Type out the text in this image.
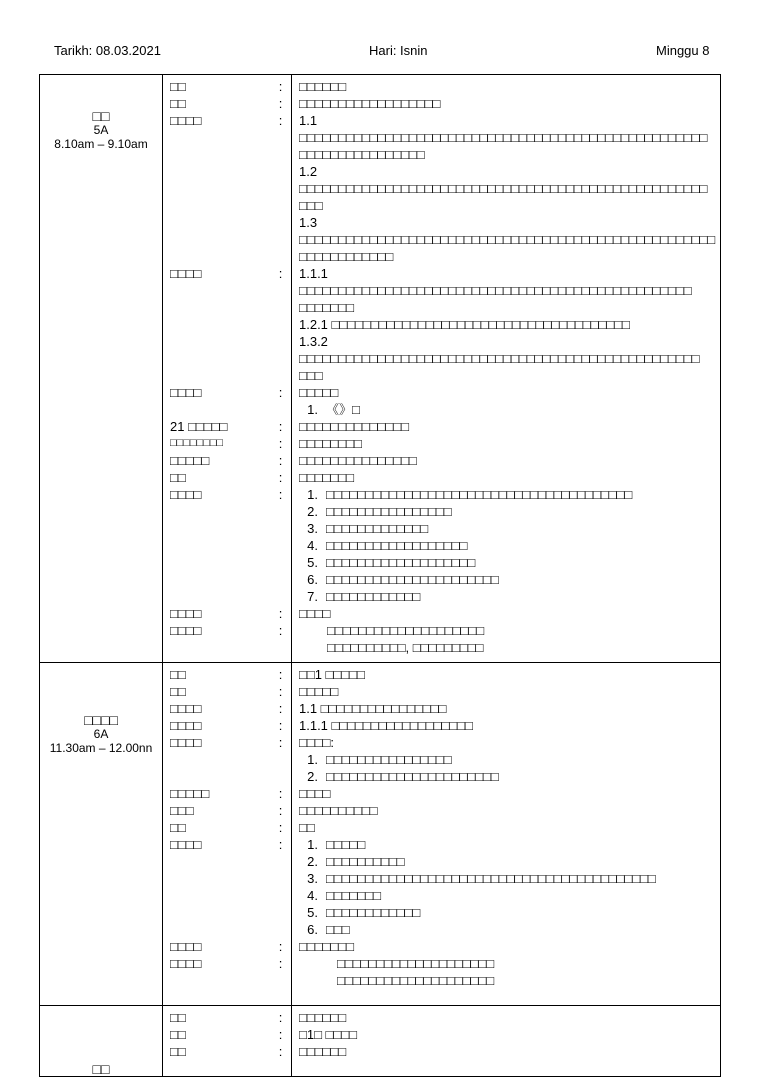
Tarikh: 08.03.2021	Hari: Isnin	Minggu 8
□□
5A
8.10am – 9.10am
□□	:	□□□□□□
□□	:	□□□□□□□□□□□□□□□□□□
□□□□	:	1.1 □□□□□□□□□□□□□□□□□□□□□□□□□□□□□□□□□□□□□□□□□□□□□□□□□□□□
□□□□□□□□□□□□□□□□
1.2 □□□□□□□□□□□□□□□□□□□□□□□□□□□□□□□□□□□□□□□□□□□□□□□□□□□□
□□□
1.3 □□□□□□□□□□□□□□□□□□□□□□□□□□□□□□□□□□□□□□□□□□□□□□□□□□□□□
□□□□□□□□□□□□
□□□□	:	1.1.1 □□□□□□□□□□□□□□□□□□□□□□□□□□□□□□□□□□□□□□□□□□□□□□□□□□
□□□□□□□
1.2.1 □□□□□□□□□□□□□□□□□□□□□□□□□□□□□□□□□□□□□□
1.3.2 □□□□□□□□□□□□□□□□□□□□□□□□□□□□□□□□□□□□□□□□□□□□□□□□□□□
□□□
□□□□	:	□□□□□
1. 《》□
21 □□□□□	:	□□□□□□□□□□□□□□
□□□□□□□□	:	□□□□□□□□
□□□□□	:	□□□□□□□□□□□□□□□
□□	:	□□□□□□□
□□□□	:	1. □□□□□□□□□□□□□□□□□□□□□□□□□□□□□□□□□□□□□□□
2. □□□□□□□□□□□□□□□□
3. □□□□□□□□□□□□□
4. □□□□□□□□□□□□□□□□□□
5. □□□□□□□□□□□□□□□□□□□
6. □□□□□□□□□□□□□□□□□□□□□□
7. □□□□□□□□□□□□
□□□□	:	□□□□
□□□□	:	□□□□□□□□□□□□□□□□□□□□
□□□□□□□□□□, □□□□□□□□□
□□□□
6A
11.30am – 12.00nn
□□	:	□□1 □□□□□
□□	:	□□□□□
□□□□	:	1.1 □□□□□□□□□□□□□□□□
□□□□	:	1.1.1 □□□□□□□□□□□□□□□□□□
□□□□	:	□□□□:
1. □□□□□□□□□□□□□□□□
2. □□□□□□□□□□□□□□□□□□□□□□
□□□□□	:	□□□□
□□□	:	□□□□□□□□□□
□□	:	□□
□□□□	:	1. □□□□□
2. □□□□□□□□□□
3. □□□□□□□□□□□□□□□□□□□□□□□□□□□□□□□□□□□□□□□□□□
4. □□□□□□□
5. □□□□□□□□□□□□
6. □□□
□□□□	:	□□□□□□□
□□□□	:	□□□□□□□□□□□□□□□□□□□□
□□□□□□□□□□□□□□□□□□□□
□□
□□	:	□□□□□□
□□	:	□1□ □□□□
□□	:	□□□□□□
